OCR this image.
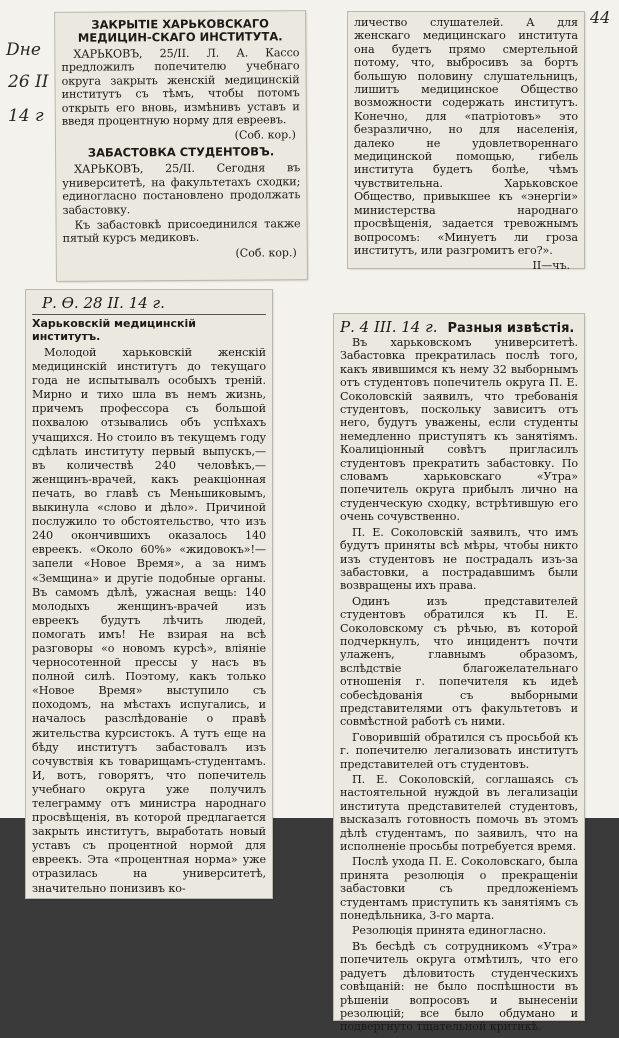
44
Dне
26 II
14 г
ЗАКРЫТІЕ ХАРЬКОВСКАГО МЕДИЦИН-СКАГО ИНСТИТУТА.

ХАРЬКОВЪ, 25/II. Л. А. Кассо предложилъ попечителю учебнаго округа закрыть женскій медицинскій институтъ съ тѣмъ, чтобы потомъ открыть его вновь, измѣнивъ уставъ и введя процентную норму для евреевъ.

(Соб. кор.)
ЗАБАСТОВКА СТУДЕНТОВЪ.

ХАРЬКОВЪ, 25/II. Сегодня въ университетѣ, на факультетахъ сходки; единогласно постановлено продолжать забастовку.

Къ забастовкѣ присоединился также пятый курсъ медиковъ.

(Соб. кор.)

личество слушателей. А для женскаго медицинскаго института она будетъ прямо смертельной потому, что, выбросивъ за бортъ большую половину слушательницъ, лишитъ медицинское Общество возможности содержать институтъ. Конечно, для «патріотовъ» это безразлично, но для населенія, далеко не удовлетвореннаго медицинской помощью, гибель института будетъ болѣе, чѣмъ чувствительна. Харьковское Общество, привыкшее къ «энергіи» министерства народнаго просвѣщенія, задается тревожнымъ вопросомъ: «Минуетъ ли гроза институтъ, или разгромитъ его?».

II—чъ.
Р. Ѳ. 28 II. 14 г.
Харьковскій медицинскій институтъ.

Молодой харьковскій женскій медицинскій институтъ до текущаго года не испытывалъ особыхъ треній. Мирно и тихо шла въ немъ жизнь, причемъ профессора съ большой похвалою отзывались объ успѣхахъ учащихся. Но стоило въ текущемъ году сдѣлать институту первый выпускъ,—въ количествѣ 240 человѣкъ,—женщинъ-врачей, какъ реакціонная печать, во главѣ съ Меньшиковымъ, выкинула «слово и дѣло». Причиной послужило то обстоятельство, что изъ 240 окончившихъ оказалось 140 евреекъ. «Около 60%» «жидовокъ»!—запели «Новое Время», а за нимъ «Земщина» и другіе подобные органы. Въ самомъ дѣлѣ, ужасная вещь: 140 молодыхъ женщинъ-врачей изъ евреекъ будутъ лѣчить людей, помогать имъ! Не взирая на всѣ разговоры «о новомъ курсѣ», вліяніе черносотенной прессы у насъ въ полной силѣ. Поэтому, какъ только «Новое Время» выступило съ походомъ, на мѣстахъ испугались, и началось разслѣдованіе о правѣ жительства курсистокъ. А тутъ еще на бѣду институтъ забастовалъ изъ сочувствія къ товарищамъ-студентамъ. И, вотъ, говорятъ, что попечитель учебнаго округа уже получилъ телеграмму отъ министра народнаго просвѣщенія, въ которой предлагается закрыть институтъ, выработать новый уставъ съ процентной нормой для евреекъ. Эта «процентная норма» уже отразилась на университетѣ, значительно понизивъ ко-

Р. 4 III. 14 г. Разныя извѣстія.

Въ харьковскомъ университетѣ. Забастовка прекратилась послѣ того, какъ явившимся къ нему 32 выборнымъ отъ студентовъ попечитель округа П. Е. Соколовскій заявилъ, что требованія студентовъ, поскольку зависитъ отъ него, будутъ уважены, если студенты немедленно приступятъ къ занятіямъ. Коалиціонный совѣтъ пригласилъ студентовъ прекратить забастовку. По словамъ харьковскаго «Утра» попечитель округа прибылъ лично на студенческую сходку, встрѣтившую его очень сочувственно.

П. Е. Соколовскій заявилъ, что имъ будутъ приняты всѣ мѣры, чтобы никто изъ студентовъ не пострадалъ изъ-за забастовки, а пострадавшимъ были возвращены ихъ права.

Одинъ изъ представителей студентовъ обратился къ П. Е. Соколовскому съ рѣчью, въ которой подчеркнулъ, что инцидентъ почти улаженъ, главнымъ образомъ, вслѣдствіе благожелательнаго отношенія г. попечителя къ идеѣ собесѣдованія съ выборными представителями отъ факультетовъ и совмѣстной работѣ съ ними.

Говорившій обратился съ просьбой къ г. попечителю легализовать институтъ представителей отъ студентовъ.

П. Е. Соколовскій, соглашаясь съ настоятельной нуждой въ легализаціи института представителей студентовъ, высказалъ готовность помочь въ этомъ дѣлѣ студентамъ, по заявилъ, что на исполненіе просьбы потребуется время.

Послѣ ухода П. Е. Соколовскаго, была принята резолюція о прекращеніи забастовки съ предложеніемъ студентамъ приступить къ занятіямъ съ понедѣльника, 3-го марта.

Резолюція принята единогласно.

Въ бесѣдѣ съ сотрудникомъ «Утра» попечитель округа отмѣтилъ, что его радуетъ дѣловитость студенческихъ совѣщаній: не было поспѣшности въ рѣшеніи вопросовъ и вынесеніи резолюцій; все было обдумано и подвергнуто тщательной критикѣ.
